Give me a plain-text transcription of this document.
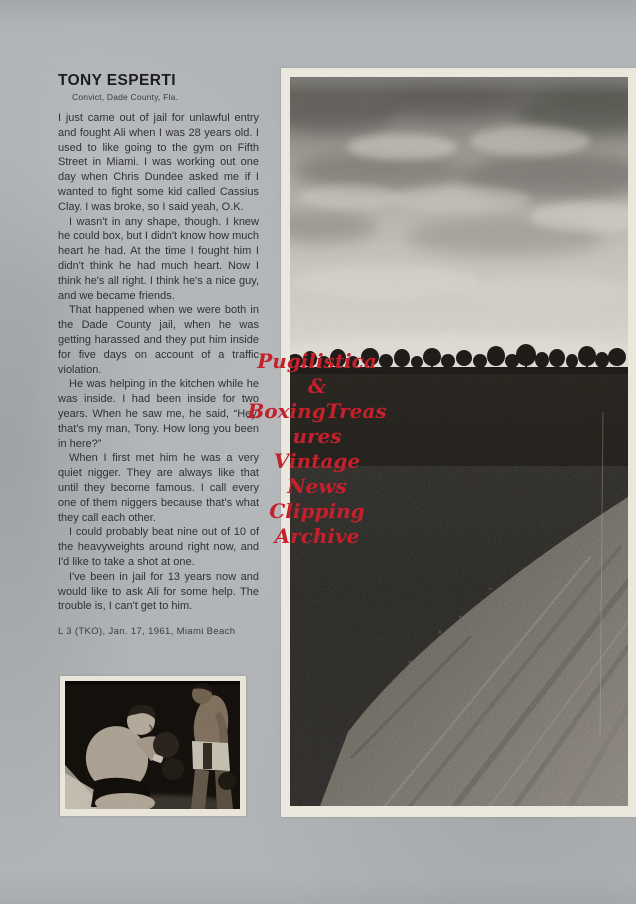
TONY ESPERTI
Convict, Dade County, Fla.

I just came out of jail for unlawful entry and fought Ali when I was 28 years old. I used to like going to the gym on Fifth Street in Miami. I was working out one day when Chris Dundee asked me if I wanted to fight some kid called Cassius Clay. I was broke, so I said yeah, O.K.

I wasn't in any shape, though. I knew he could box, but I didn't know how much heart he had. At the time I fought him I didn't think he had much heart. Now I think he's all right. I think he's a nice guy, and we became friends.

That happened when we were both in the Dade County jail, when he was getting harassed and they put him inside for five days on account of a traffic violation.

He was helping in the kitchen while he was inside. I had been inside for two years. When he saw me, he said, “Hey, that's my man, Tony. How long you been in here?”

When I first met him he was a very quiet nigger. They are always like that until they become famous. I call every one of them niggers because that's what they call each other.

I could probably beat nine out of 10 of the heavyweights around right now, and I'd like to take a shot at one.

I've been in jail for 13 years now and would like to ask Ali for some help. The trouble is, I can't get to him.

L 3 (TKO), Jan. 17, 1961, Miami Beach
Pugilistica
&
BoxingTreas
ures
Vintage
News
Clipping
Archive
